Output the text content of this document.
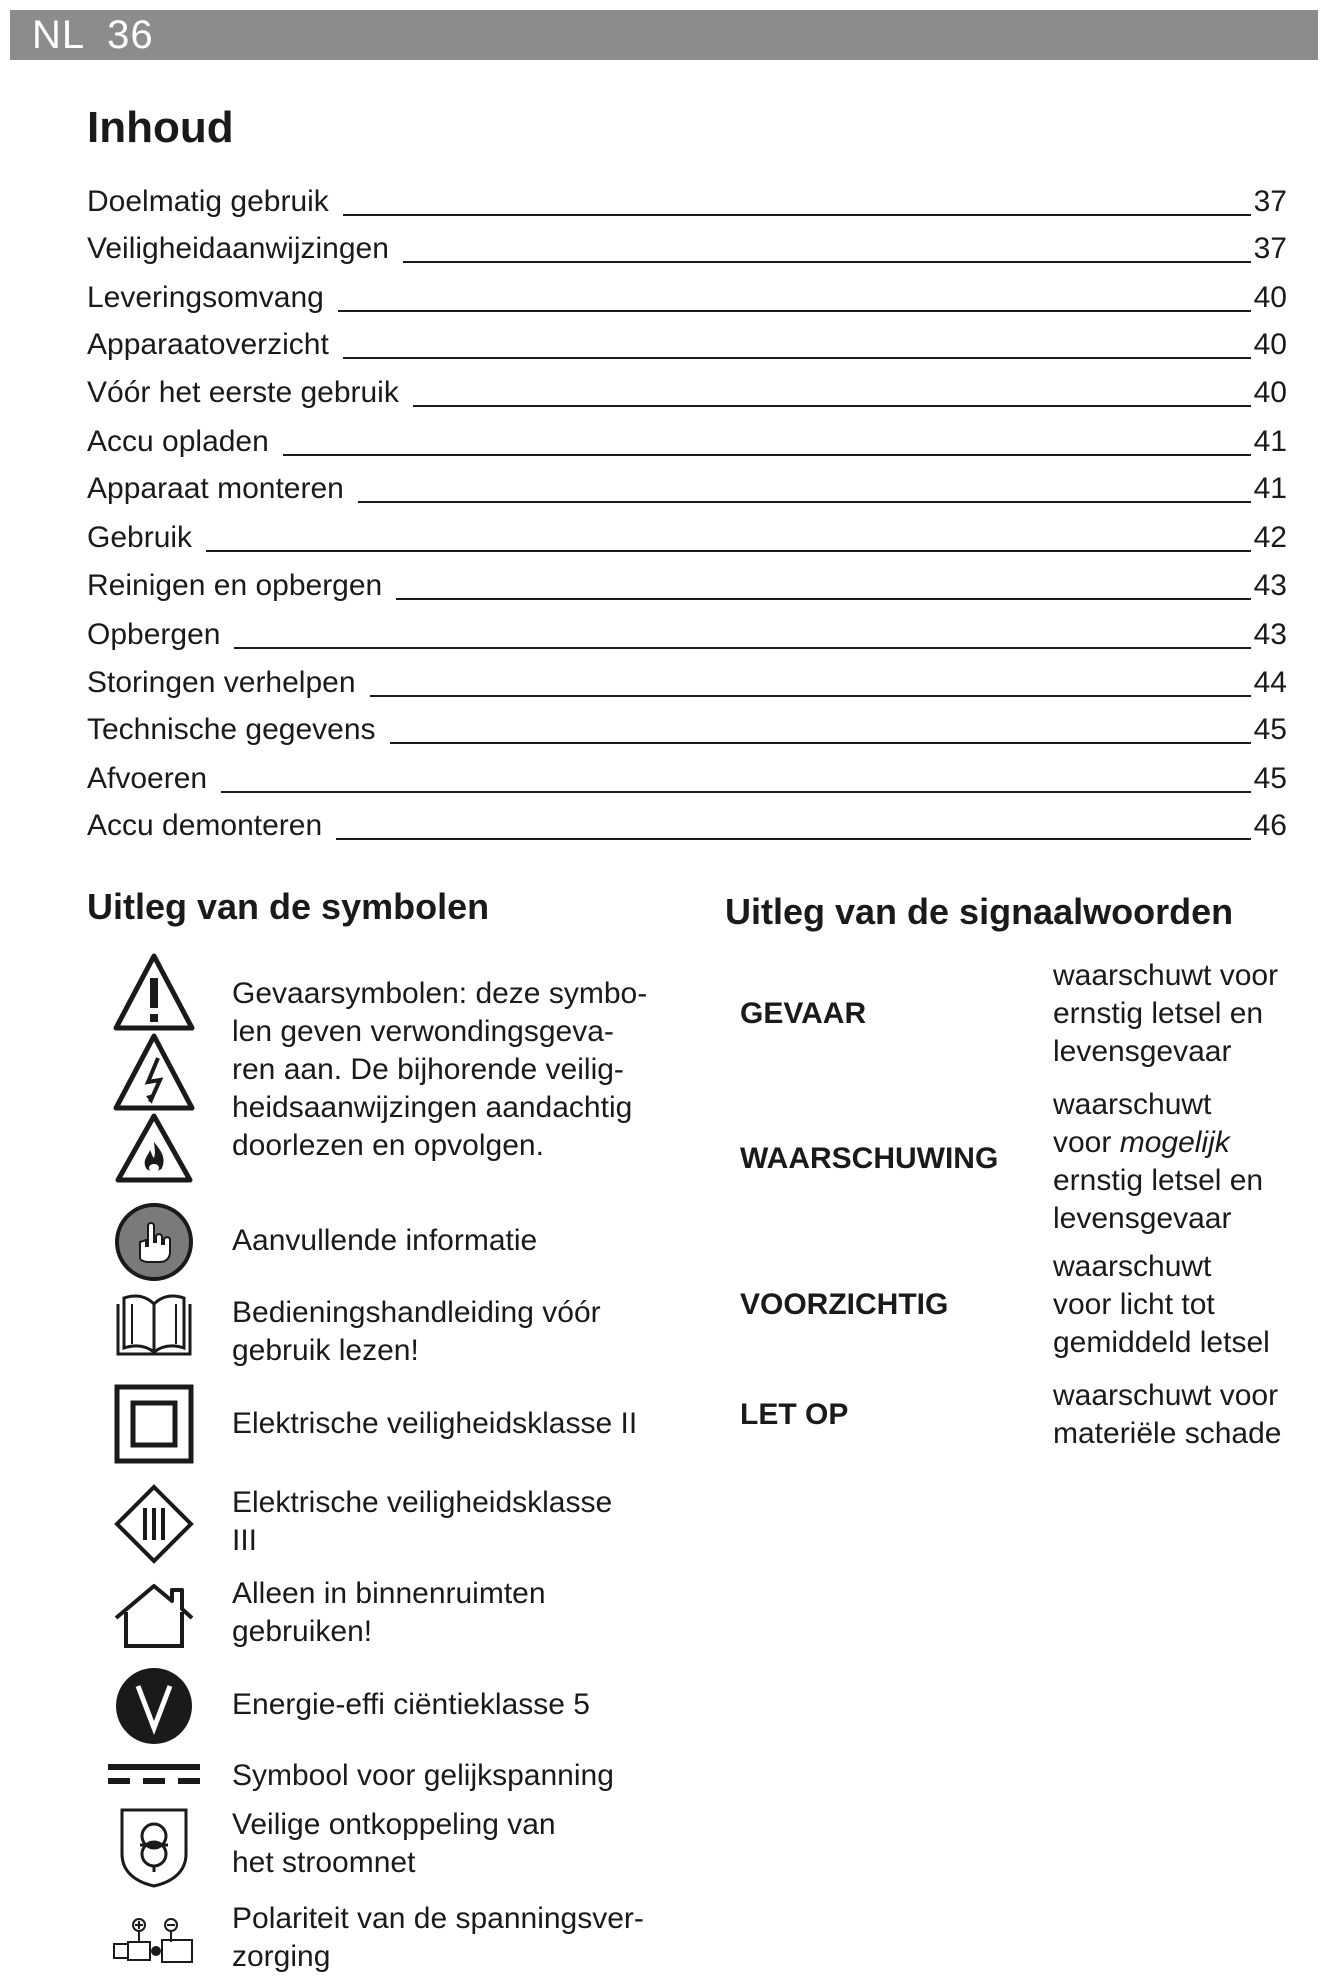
NL 36
Inhoud
Doelmatig gebruik	37
Veiligheidaanwijzingen	37
Leveringsomvang	40
Apparaatoverzicht	40
Vóór het eerste gebruik	40
Accu opladen	41
Apparaat monteren	41
Gebruik	42
Reinigen en opbergen	43
Opbergen	43
Storingen verhelpen	44
Technische gegevens	45
Afvoeren	45
Accu demonteren	46
Uitleg van de symbolen
Gevaarsymbolen: deze symbo-
len geven verwondingsgeva-
ren aan. De bijhorende veilig-
heidsaanwijzingen aandachtig
doorlezen en opvolgen.
Aanvullende informatie
Bedieningshandleiding vóór
gebruik lezen!
Elektrische veiligheidsklasse II
Elektrische veiligheidsklasse
III
Alleen in binnenruimten
gebruiken!
Energie-effi ciëntieklasse 5
Symbool voor gelijkspanning
Veilige ontkoppeling van
het stroomnet
Polariteit van de spanningsver-
zorging
Uitleg van de signaalwoorden
GEVAAR
waarschuwt voor
ernstig letsel en
levensgevaar
WAARSCHUWING
waarschuwt
voor mogelijk
ernstig letsel en
levensgevaar
VOORZICHTIG
waarschuwt
voor licht tot
gemiddeld letsel
LET OP
waarschuwt voor
materiële schade
